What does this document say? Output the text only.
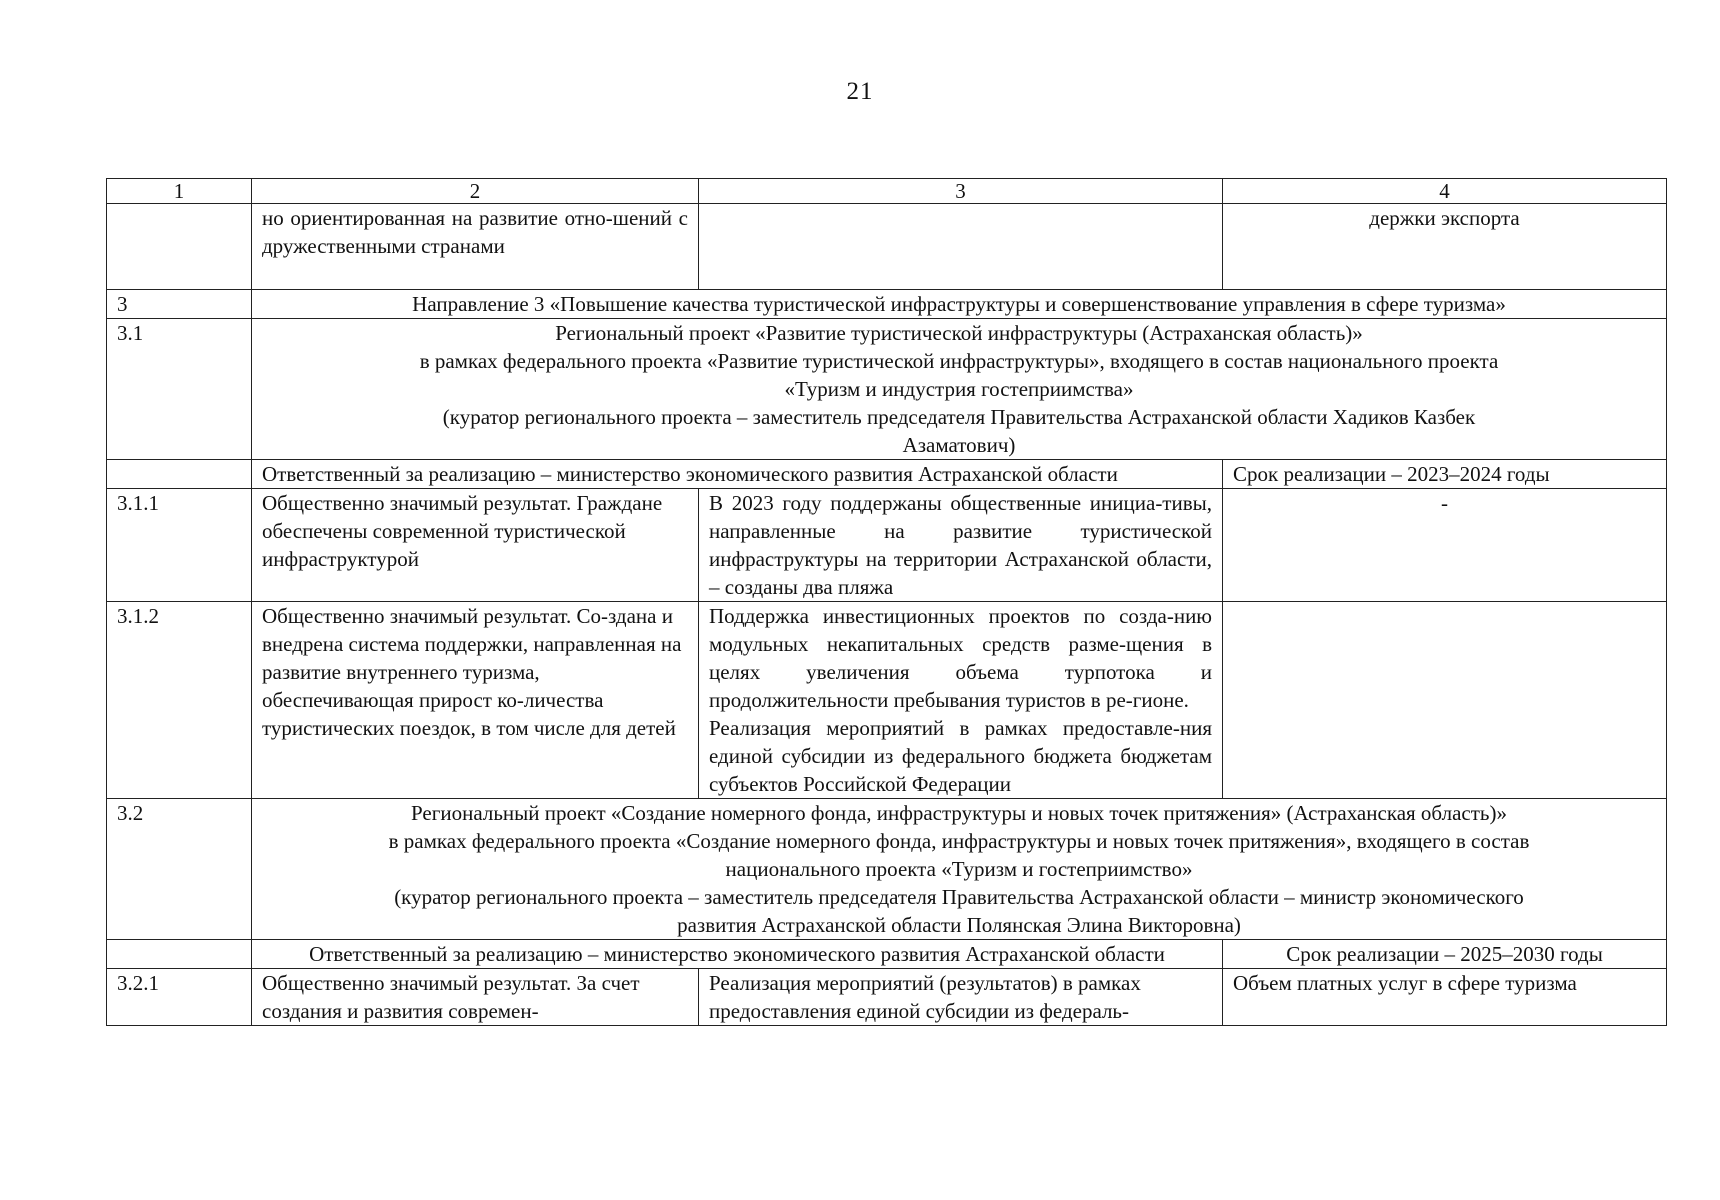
21
1	2	3	4
	но ориентированная на развитие отно-шений с дружественными странами		держки экспорта
3	Направление 3 «Повышение качества туристической инфраструктуры и совершенствование управления в сфере туризма»		
3.1	Региональный проект «Развитие туристической инфраструктуры (Астраханская область)»
в рамках федерального проекта «Развитие туристической инфраструктуры», входящего в состав национального проекта
«Туризм и индустрия гостеприимства»
(куратор регионального проекта – заместитель председателя Правительства Астраханской области Хадиков Казбек
Азаматович)		

	Ответственный за реализацию – министерство экономического развития Астраханской области		Срок реализации – 2023–2024 годы
3.1.1	Общественно значимый результат. Граждане обеспечены современной туристической инфраструктурой	В 2023 году поддержаны общественные инициа-тивы, направленные на развитие туристической инфраструктуры на территории Астраханской области, – созданы два пляжа	-
3.1.2	Общественно значимый результат. Со-здана и внедрена система поддержки, направленная на развитие внутреннего туризма, обеспечивающая прирост ко-личества туристических поездок, в том числе для детей	Поддержка инвестиционных проектов по созда-нию модульных некапитальных средств разме-щения в целях увеличения объема турпотока и продолжительности пребывания туристов в ре-гионе.
Реализация мероприятий в рамках предоставле-ния единой субсидии из федерального бюджета бюджетам субъектов Российской Федерации	

3.2	Региональный проект «Создание номерного фонда, инфраструктуры и новых точек притяжения» (Астраханская область)»
в рамках федерального проекта «Создание номерного фонда, инфраструктуры и новых точек притяжения», входящего в состав
национального проекта «Туризм и гостеприимство»
(куратор регионального проекта – заместитель председателя Правительства Астраханской области – министр экономического
развития Астраханской области Полянская Элина Викторовна)		

	Ответственный за реализацию – министерство экономического развития Астраханской области		Срок реализации – 2025–2030 годы
3.2.1	Общественно значимый результат. За счет создания и развития современ-	Реализация мероприятий (результатов) в рамках предоставления единой субсидии из федераль-	Объем платных услуг в сфере туризма
